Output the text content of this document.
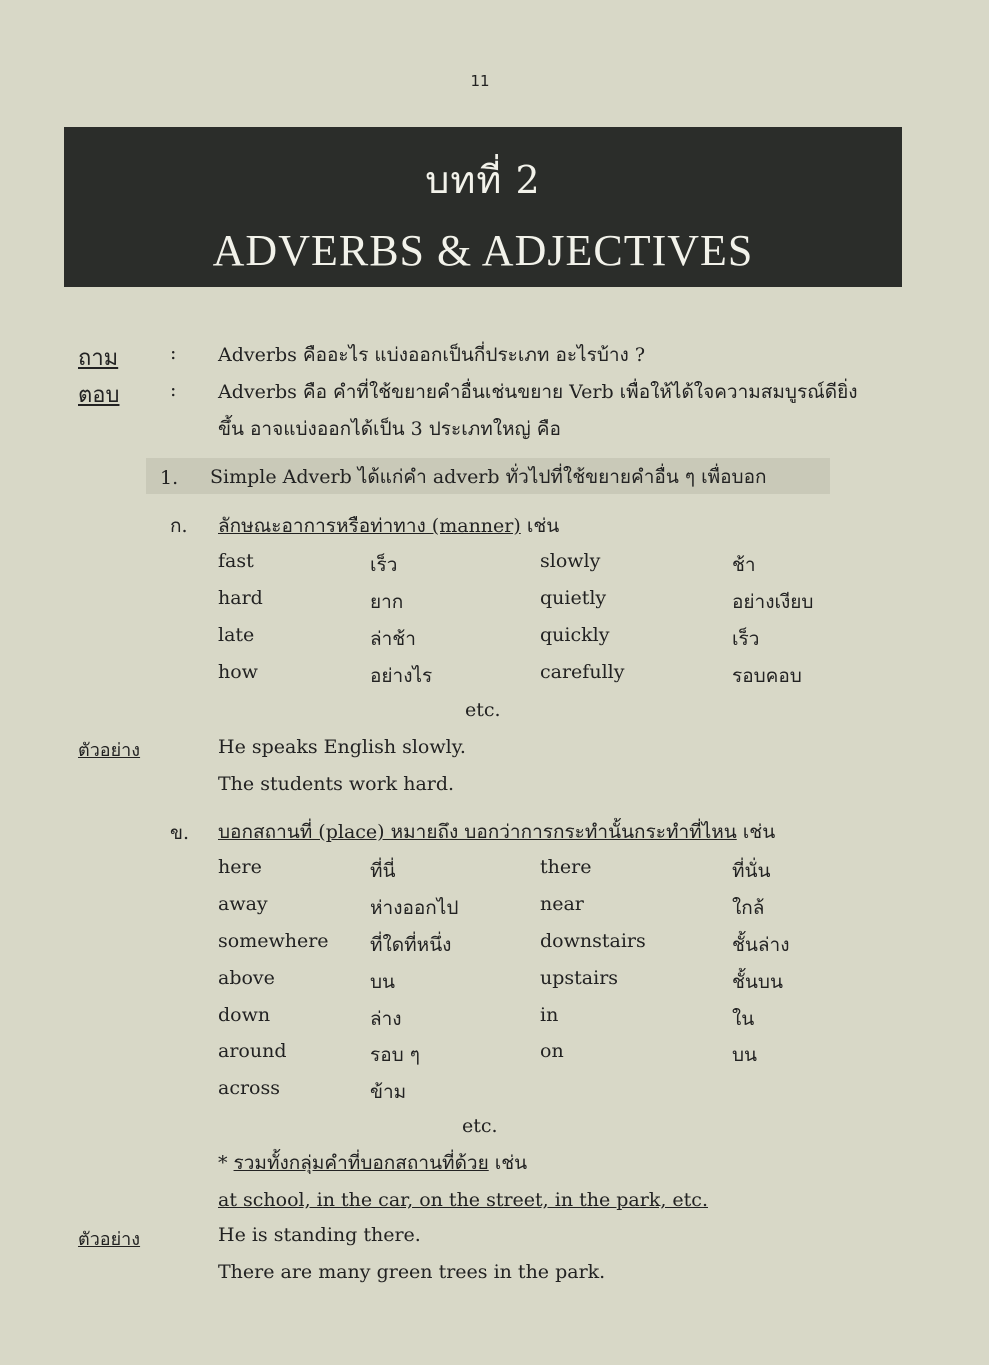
11
บทที่ 2
ADVERBS & ADJECTIVES
ถาม	: Adverbs คืออะไร แบ่งออกเป็นกี่ประเภท อะไรบ้าง ?
ตอบ	: Adverbs คือ คำที่ใช้ขยายคำอื่นเช่นขยาย Verb เพื่อให้ได้ใจความสมบูรณ์ดียิ่ง
ขึ้น อาจแบ่งออกได้เป็น 3 ประเภทใหญ่ คือ
1. Simple Adverb ได้แก่คำ adverb ทั่วไปที่ใช้ขยายคำอื่น ๆ เพื่อบอก
ก. ลักษณะอาการหรือท่าทาง (manner) เช่น
fast	เร็ว	slowly	ช้า
hard	ยาก	quietly	อย่างเงียบ
late	ล่าช้า	quickly	เร็ว
how	อย่างไร	carefully	รอบคอบ
etc.
ตัวอย่าง	He speaks English slowly.
The students work hard.
ข. บอกสถานที่ (place) หมายถึง บอกว่าการกระทำนั้นกระทำที่ไหน เช่น
here	ที่นี่	there	ที่นั่น
away	ห่างออกไป	near	ใกล้
somewhere ที่ใดที่หนึ่ง	downstairs	ชั้นล่าง
above	บน	upstairs	ชั้นบน
down	ล่าง	in	ใน
around	รอบ ๆ	on	บน
across	ข้าม
etc.
* รวมทั้งกลุ่มคำที่บอกสถานที่ด้วย เช่น
at school, in the car, on the street, in the park, etc.
ตัวอย่าง	He is standing there.
There are many green trees in the park.
